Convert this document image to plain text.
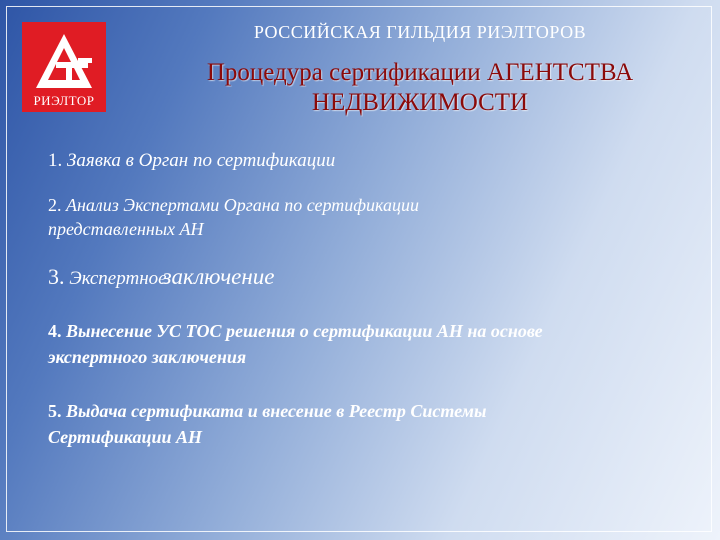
РИЭЛТОР
РОССИЙСКАЯ ГИЛЬДИЯ РИЭЛТОРОВ
Процедура сертификации АГЕНТСТВА
НЕДВИЖИМОСТИ
1. Заявка в Орган по сертификации
2. Анализ Экспертами Органа по сертификации
представленных АН
3. Экспертноезаключение
4. Вынесение УС ТОС решения о сертификации АН на основе
экспертного заключения
5. Выдача сертификата и внесение в Реестр Системы
Сертификации АН
